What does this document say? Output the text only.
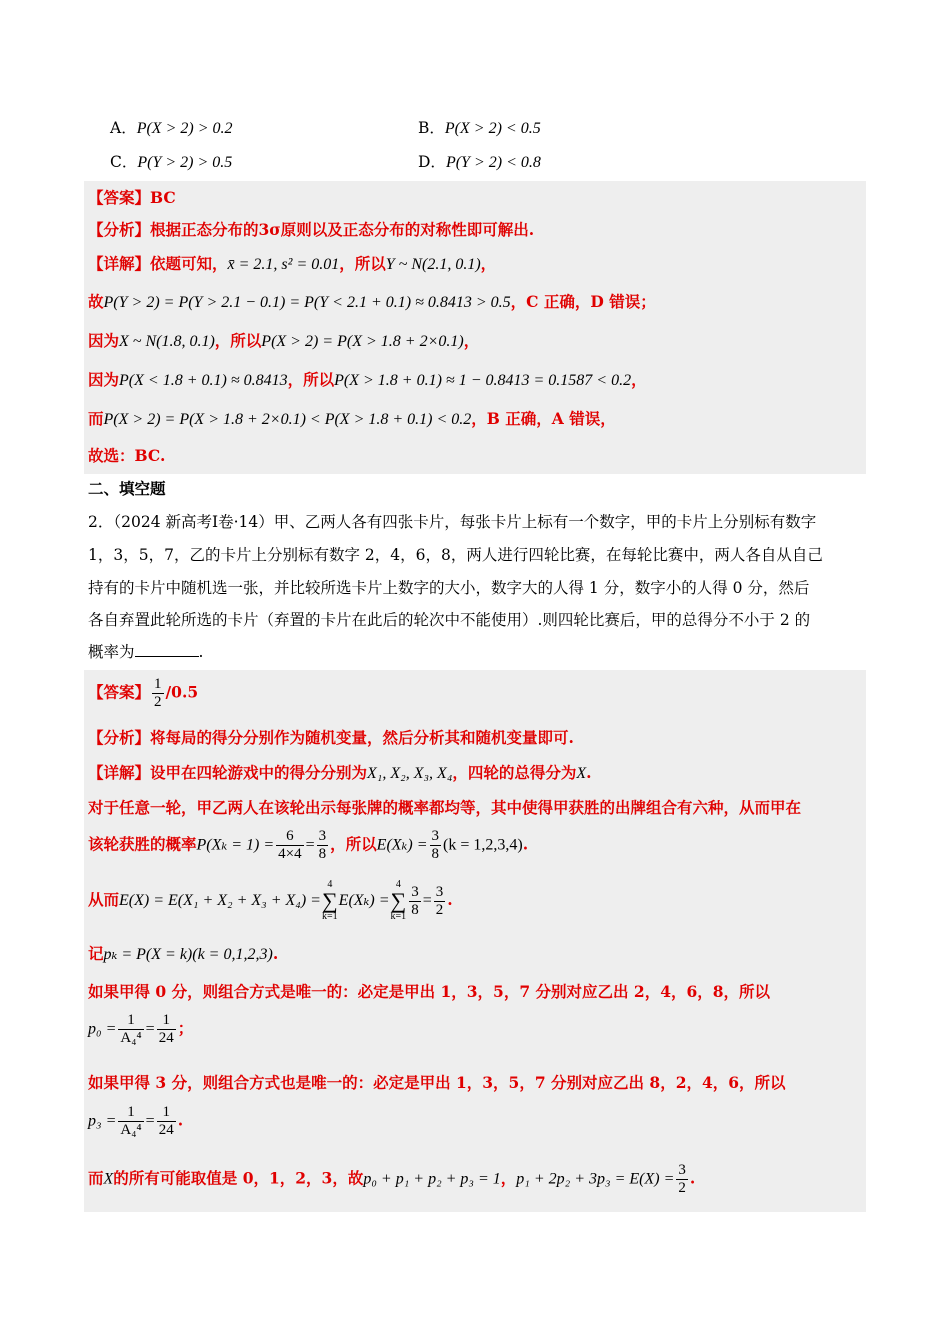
A．P(X > 2) > 0.2	B．P(X > 2) < 0.5
C．P(Y > 2) > 0.5	D．P(Y > 2) < 0.8
【答案】BC
【分析】根据正态分布的3σ原则以及正态分布的对称性即可解出.
【详解】依题可知，x̄ = 2.1, s² = 0.01，所以Y ~ N(2.1, 0.1)，
故P(Y > 2) = P(Y > 2.1 − 0.1) = P(Y < 2.1 + 0.1) ≈ 0.8413 > 0.5，C 正确，D 错误；
因为X ~ N(1.8, 0.1)，所以P(X > 2) = P(X > 1.8 + 2×0.1)，
因为P(X < 1.8 + 0.1) ≈ 0.8413，所以P(X > 1.8 + 0.1) ≈ 1 − 0.8413 = 0.1587 < 0.2，
而P(X > 2) = P(X > 1.8 + 2×0.1) < P(X > 1.8 + 0.1) < 0.2，B 正确，A 错误，
故选：BC.
二、填空题
2．（2024 新高考Ⅰ卷·14）甲、乙两人各有四张卡片，每张卡片上标有一个数字，甲的卡片上分别标有数字
1，3，5，7，乙的卡片上分别标有数字 2，4，6，8，两人进行四轮比赛，在每轮比赛中，两人各自从自己
持有的卡片中随机选一张，并比较所选卡片上数字的大小，数字大的人得 1 分，数字小的人得 0 分，然后
各自弃置此轮所选的卡片（弃置的卡片在此后的轮次中不能使用）.则四轮比赛后，甲的总得分不小于 2 的
概率为	.
【答案】 $\frac{1}{2} /0.5$
【分析】将每局的得分分别作为随机变量，然后分析其和随机变量即可.
【详解】设甲在四轮游戏中的得分分别为X₁, X₂, X₃, X₄，四轮的总得分为X.
对于任意一轮，甲乙两人在该轮出示每张牌的概率都均等，其中使得甲获胜的出牌组合有六种，从而甲在
该轮获胜的概率$P(X_k = 1) = \frac{6}{4\times 4} = \frac{3}{8}$ ，所以$E(X_k) = \frac{3}{8} (k = 1,2,3,4)$.
从而E(X) = E(X₁ + X₂ + X₃ + X₄) =4
∑
k=1E(Xₖ) =4
∑
$k=1 \frac{3}{8} = \frac{3}{2}$ .
记pₖ = P(X = k)(k = 0,1,2,3).
如果甲得 0 分，则组合方式是唯一的：必定是甲出 1，3，5，7 分别对应乙出 2，4，6，8，所以
$p_0 = \frac{1}{\text{A₄⁴}} = \frac{1}{24}$ ；
如果甲得 3 分，则组合方式也是唯一的：必定是甲出 1，3，5，7 分别对应乙出 8，2，4，6，所以
$p_3 = \frac{1}{\text{A₄⁴}} = \frac{1}{24}$ .
而X的所有可能取值是 0，1，2，3，故p₀ + p₁ + p₂ + p₃ = 1，$p_1 + 2p_2 + 3p_3 = E(X) = \frac{3}{2}$ .
